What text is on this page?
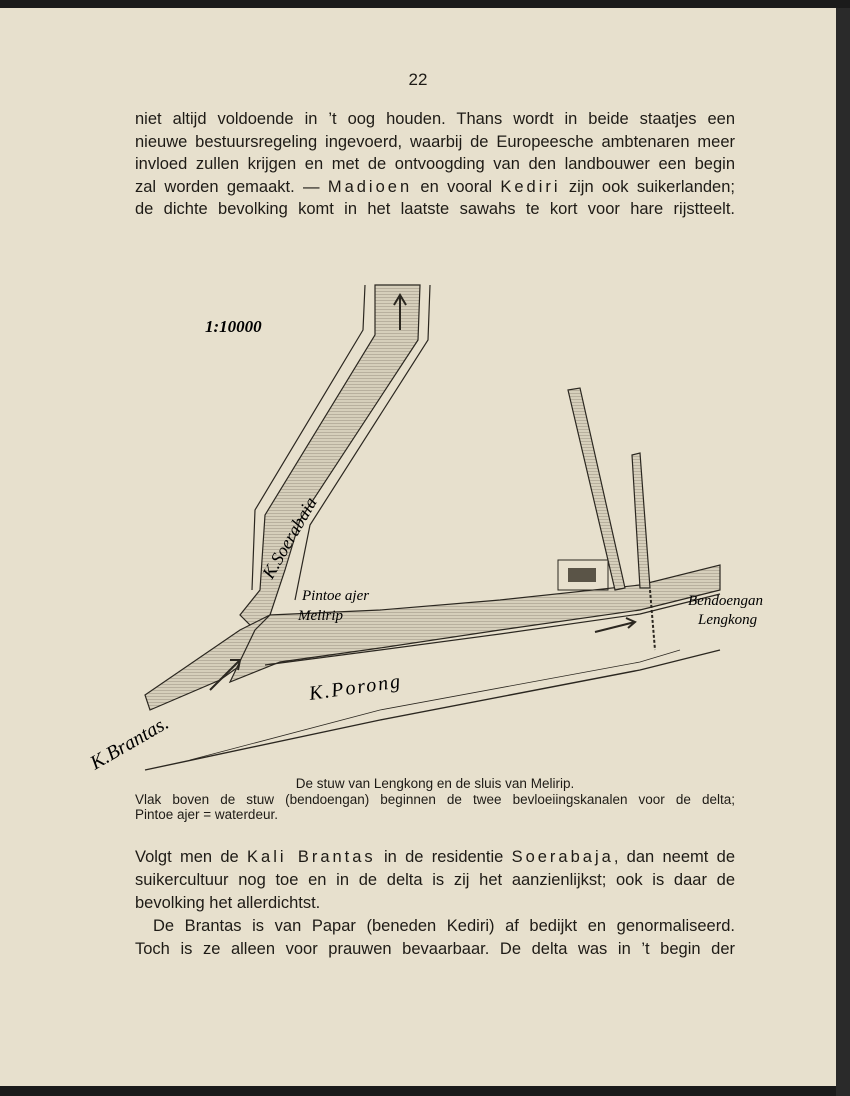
22
niet altijd voldoende in ’t oog houden. Thans wordt in beide staatjes een
nieuwe bestuursregeling ingevoerd, waarbij de Europeesche ambtenaren meer
invloed zullen krijgen en met de ontvoogding van den landbouwer een begin
zal worden gemaakt. — Madioen en vooral Kediri zijn ook suikerlanden;
de dichte bevolking komt in het laatste sawahs te kort voor hare rijstteelt.
1:10000
K.Soerabaia
Pintoe ajer
Melirip
K.Porong
K.Brantas.
Bendoengan
Lengkong
De stuw van Lengkong en de sluis van Melirip.
Vlak boven de stuw (bendoengan) beginnen de twee bevloeiingskanalen voor de delta;
Pintoe ajer = waterdeur.
Volgt men de Kali Brantas in de residentie Soerabaja, dan neemt de
suikercultuur nog toe en in de delta is zij het aanzienlijkst; ook is daar de
bevolking het allerdichtst.
De Brantas is van Papar (beneden Kediri) af bedijkt en genormaliseerd.
Toch is ze alleen voor prauwen bevaarbaar. De delta was in ’t begin der
